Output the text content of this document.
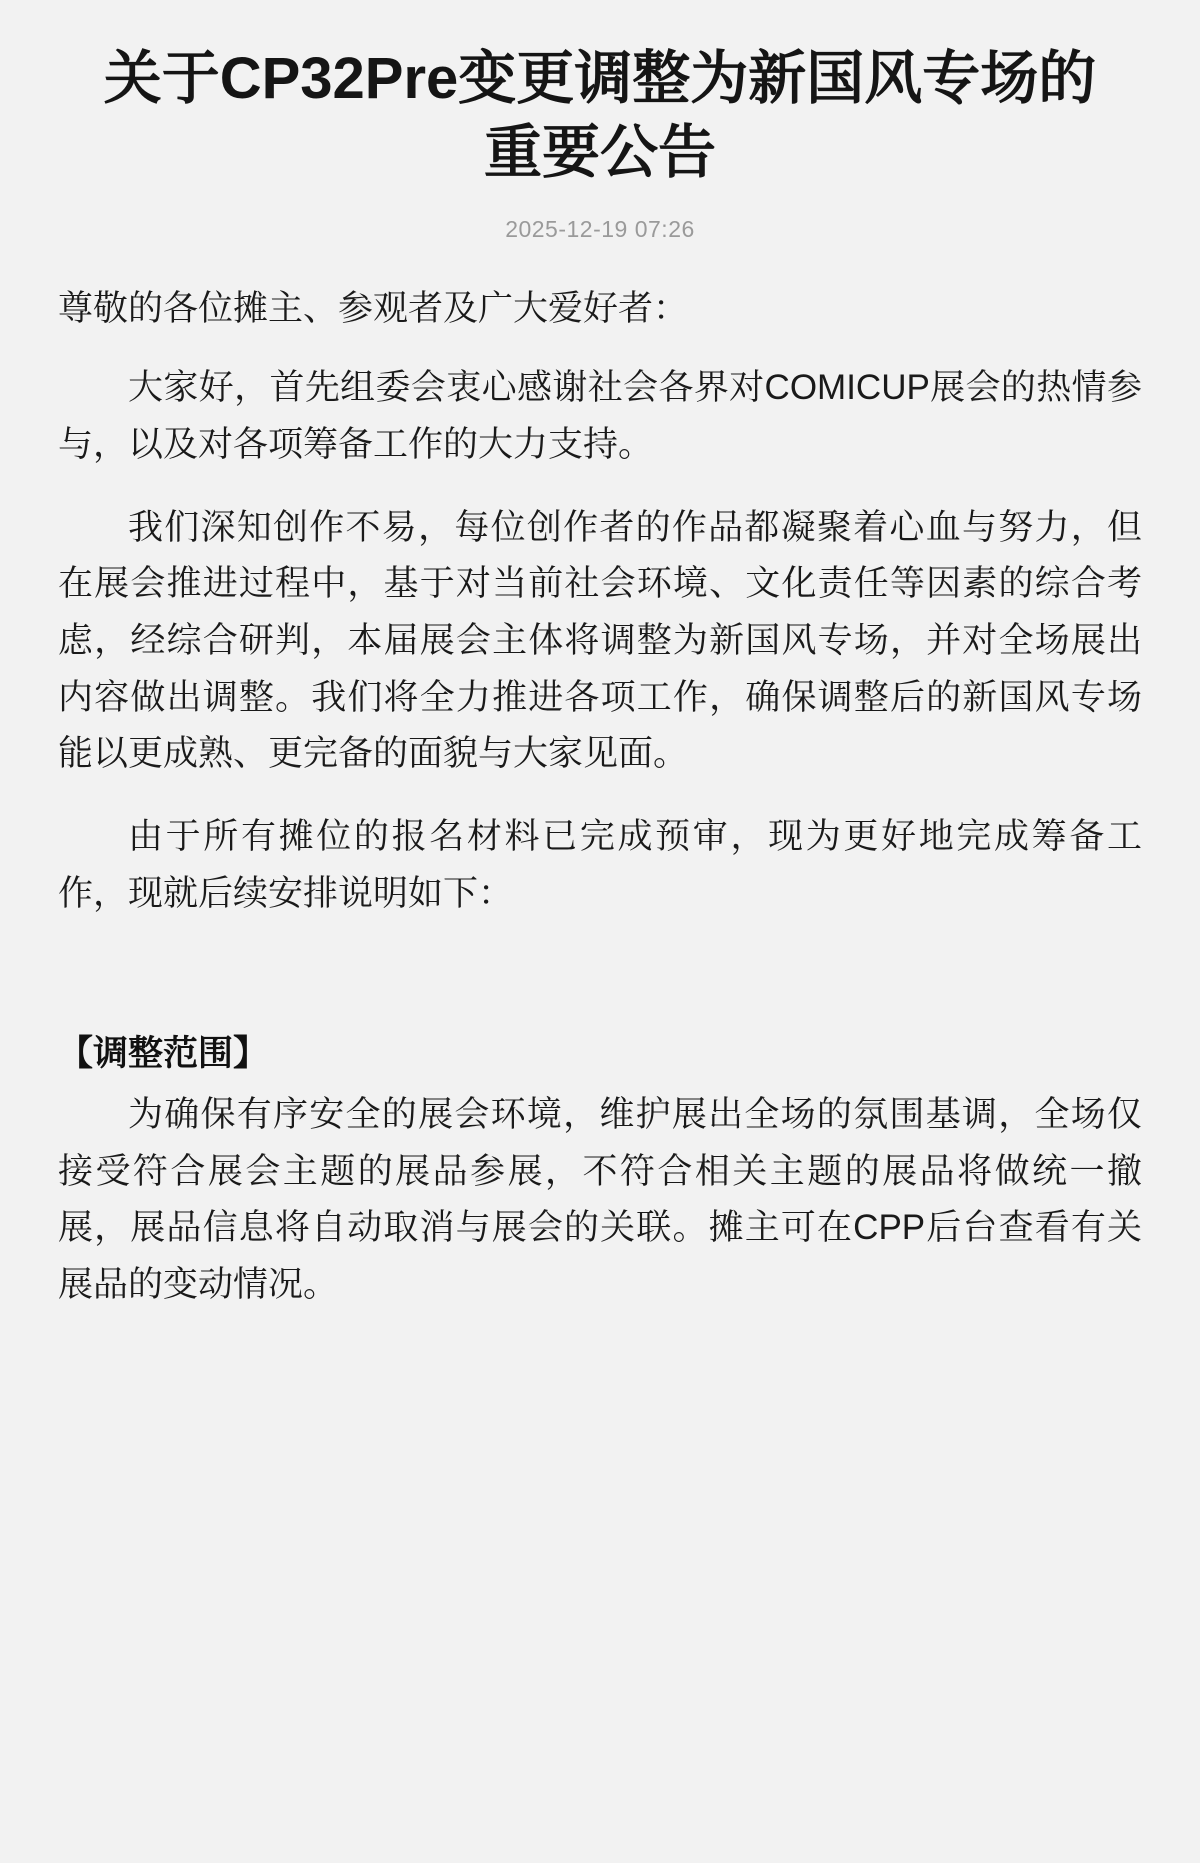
关于CP32Pre变更调整为新国风专场的重要公告
2025-12-19 07:26

尊敬的各位摊主、参观者及广大爱好者：

大家好，首先组委会衷心感谢社会各界对COMICUP展会的热情参与，以及对各项筹备工作的大力支持。

我们深知创作不易，每位创作者的作品都凝聚着心血与努力，但在展会推进过程中，基于对当前社会环境、文化责任等因素的综合考虑，经综合研判，本届展会主体将调整为新国风专场，并对全场展出内容做出调整。我们将全力推进各项工作，确保调整后的新国风专场能以更成熟、更完备的面貌与大家见面。

由于所有摊位的报名材料已完成预审，现为更好地完成筹备工作，现就后续安排说明如下：

【调整范围】

为确保有序安全的展会环境，维护展出全场的氛围基调，全场仅接受符合展会主题的展品参展，不符合相关主题的展品将做统一撤展，展品信息将自动取消与展会的关联。摊主可在CPP后台查看有关展品的变动情况。
